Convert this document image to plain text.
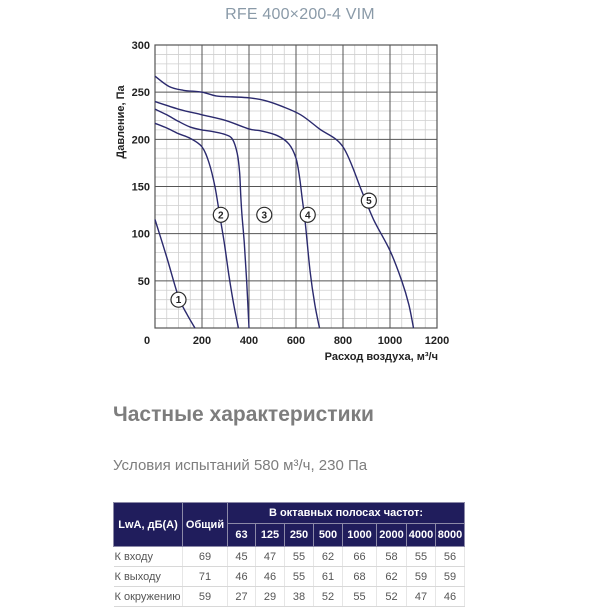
RFE 400×200-4 VIM
1
2	3	4
5
0	200	400	600	800 1000 1200
50
100
150
200
250
300
Давление, Па
Расход воздуха, м³/ч
Частные характеристики
Условия испытаний 580 м³/ч, 230 Па
LwA, дБ(А)	Общий	В октавных полосах частот:							
		63	125	250	500	1000	2000	4000	8000
К входу	69	45	47	55	62	66	58	55	56
К выходу	71	46	46	55	61	68	62	59	59
К окружению	59	27	29	38	52	55	52	47	46
